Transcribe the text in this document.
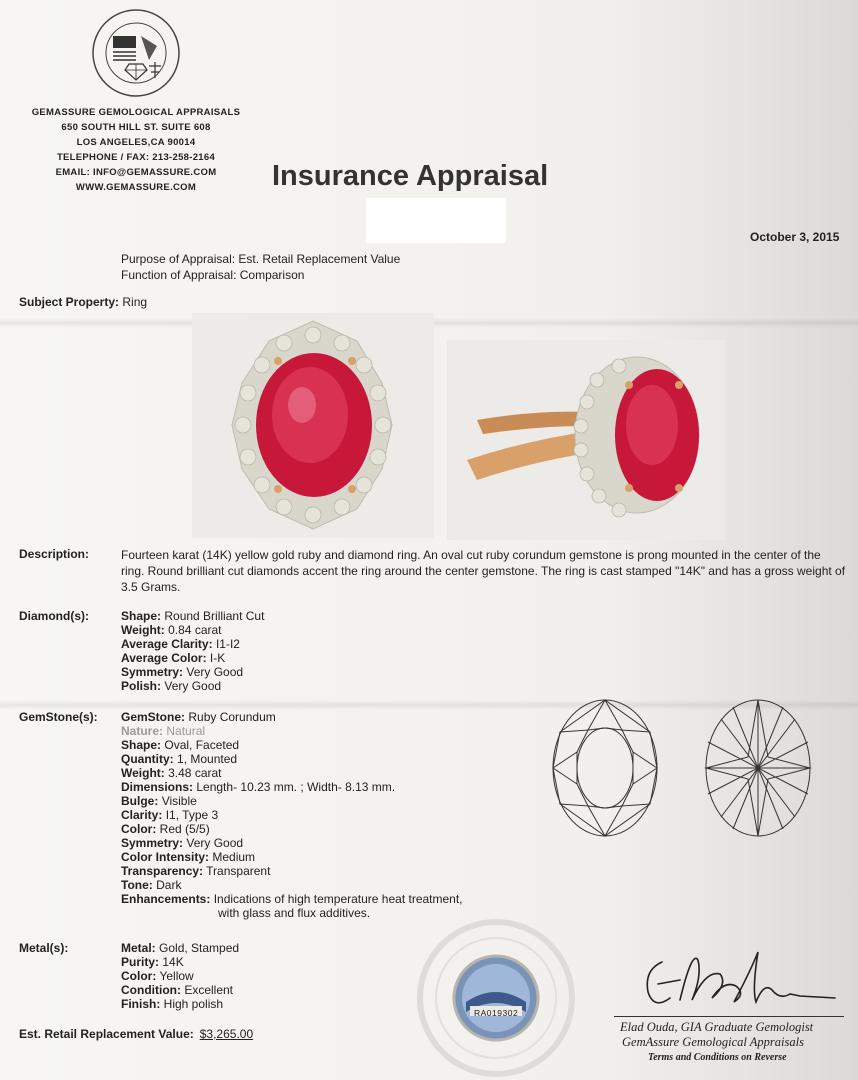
GEMASSURE GEMOLOGICAL APPRAISALS
650 SOUTH HILL ST. SUITE 608
LOS ANGELES,CA 90014
TELEPHONE / FAX: 213-258-2164
EMAIL: INFO@GEMASSURE.COM
WWW.GEMASSURE.COM	Insurance Appraisal
October 3, 2015
Purpose of Appraisal: Est. Retail Replacement Value
Function of Appraisal: Comparison
Subject Property: Ring
Description:	Fourteen karat (14K) yellow gold ruby and diamond ring. An oval cut ruby corundum gemstone is prong mounted in the center of the ring. Round brilliant cut diamonds accent the ring around the center gemstone. The ring is cast stamped "14K" and has a gross weight of 3.5 Grams.
Diamond(s):	Shape: Round Brilliant Cut
Weight: 0.84 carat
Average Clarity: I1-I2
Average Color: I-K
Symmetry: Very Good
Polish: Very Good
GemStone(s): GemStone: Ruby Corundum
Nature: Natural
Shape: Oval, Faceted
Quantity: 1, Mounted
Weight: 3.48 carat
Dimensions: Length- 10.23 mm. ; Width- 8.13 mm.
Bulge: Visible
Clarity: I1, Type 3
Color: Red (5/5)
Symmetry: Very Good
Color Intensity: Medium
Transparency: Transparent
Tone: Dark
Enhancements: Indications of high temperature heat treatment,
with glass and flux additives.
Metal(s):	Metal: Gold, Stamped
Purity: 14K
Color: Yellow
Condition: Excellent
Finish: High polish
RA019302
Elad Ouda, GIA Graduate Gemologist
GemAssure Gemological Appraisals
Terms and Conditions on Reverse
Est. Retail Replacement Value: $3,265.00
